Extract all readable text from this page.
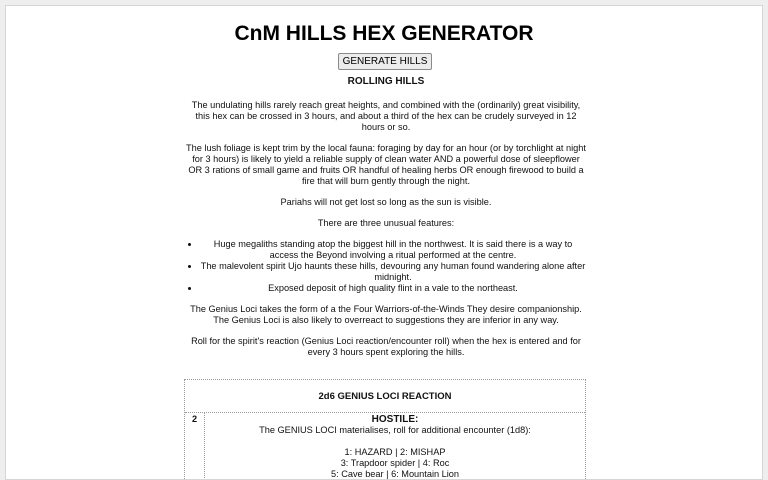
CnM HILLS HEX GENERATOR
GENERATE HILLS
ROLLING HILLS

The undulating hills rarely reach great heights, and combined with the (ordinarily) great visibility, this hex can be crossed in 3 hours, and about a third of the hex can be crudely surveyed in 12 hours or so.

The lush foliage is kept trim by the local fauna: foraging by day for an hour (or by torchlight at night for 3 hours) is likely to yield a reliable supply of clean water AND a powerful dose of sleepflower OR 3 rations of small game and fruits OR handful of healing herbs OR enough firewood to build a fire that will burn gently through the night.

Pariahs will not get lost so long as the sun is visible.

There are three unusual features:

• Huge megaliths standing atop the biggest hill in the northwest. It is said there is a way to access the Beyond involving a ritual performed at the centre.
• The malevolent spirit Ujo haunts these hills, devouring any human found wandering alone after midnight.
• Exposed deposit of high quality flint in a vale to the northeast.

The Genius Loci takes the form of a the Four Warriors-of-the-Winds They desire companionship. The Genius Loci is also likely to overreact to suggestions they are inferior in any way.

Roll for the spirit's reaction (Genius Loci reaction/encounter roll) when the hex is entered and for every 3 hours spent exploring the hills.

2d6 GENIUS LOCI REACTION
2	HOSTILE:
The GENIUS LOCI materialises, roll for additional encounter (1d8):
1: HAZARD | 2: MISHAP
3: Trapdoor spider | 4: Roc
5: Cave bear | 6: Mountain Lion
